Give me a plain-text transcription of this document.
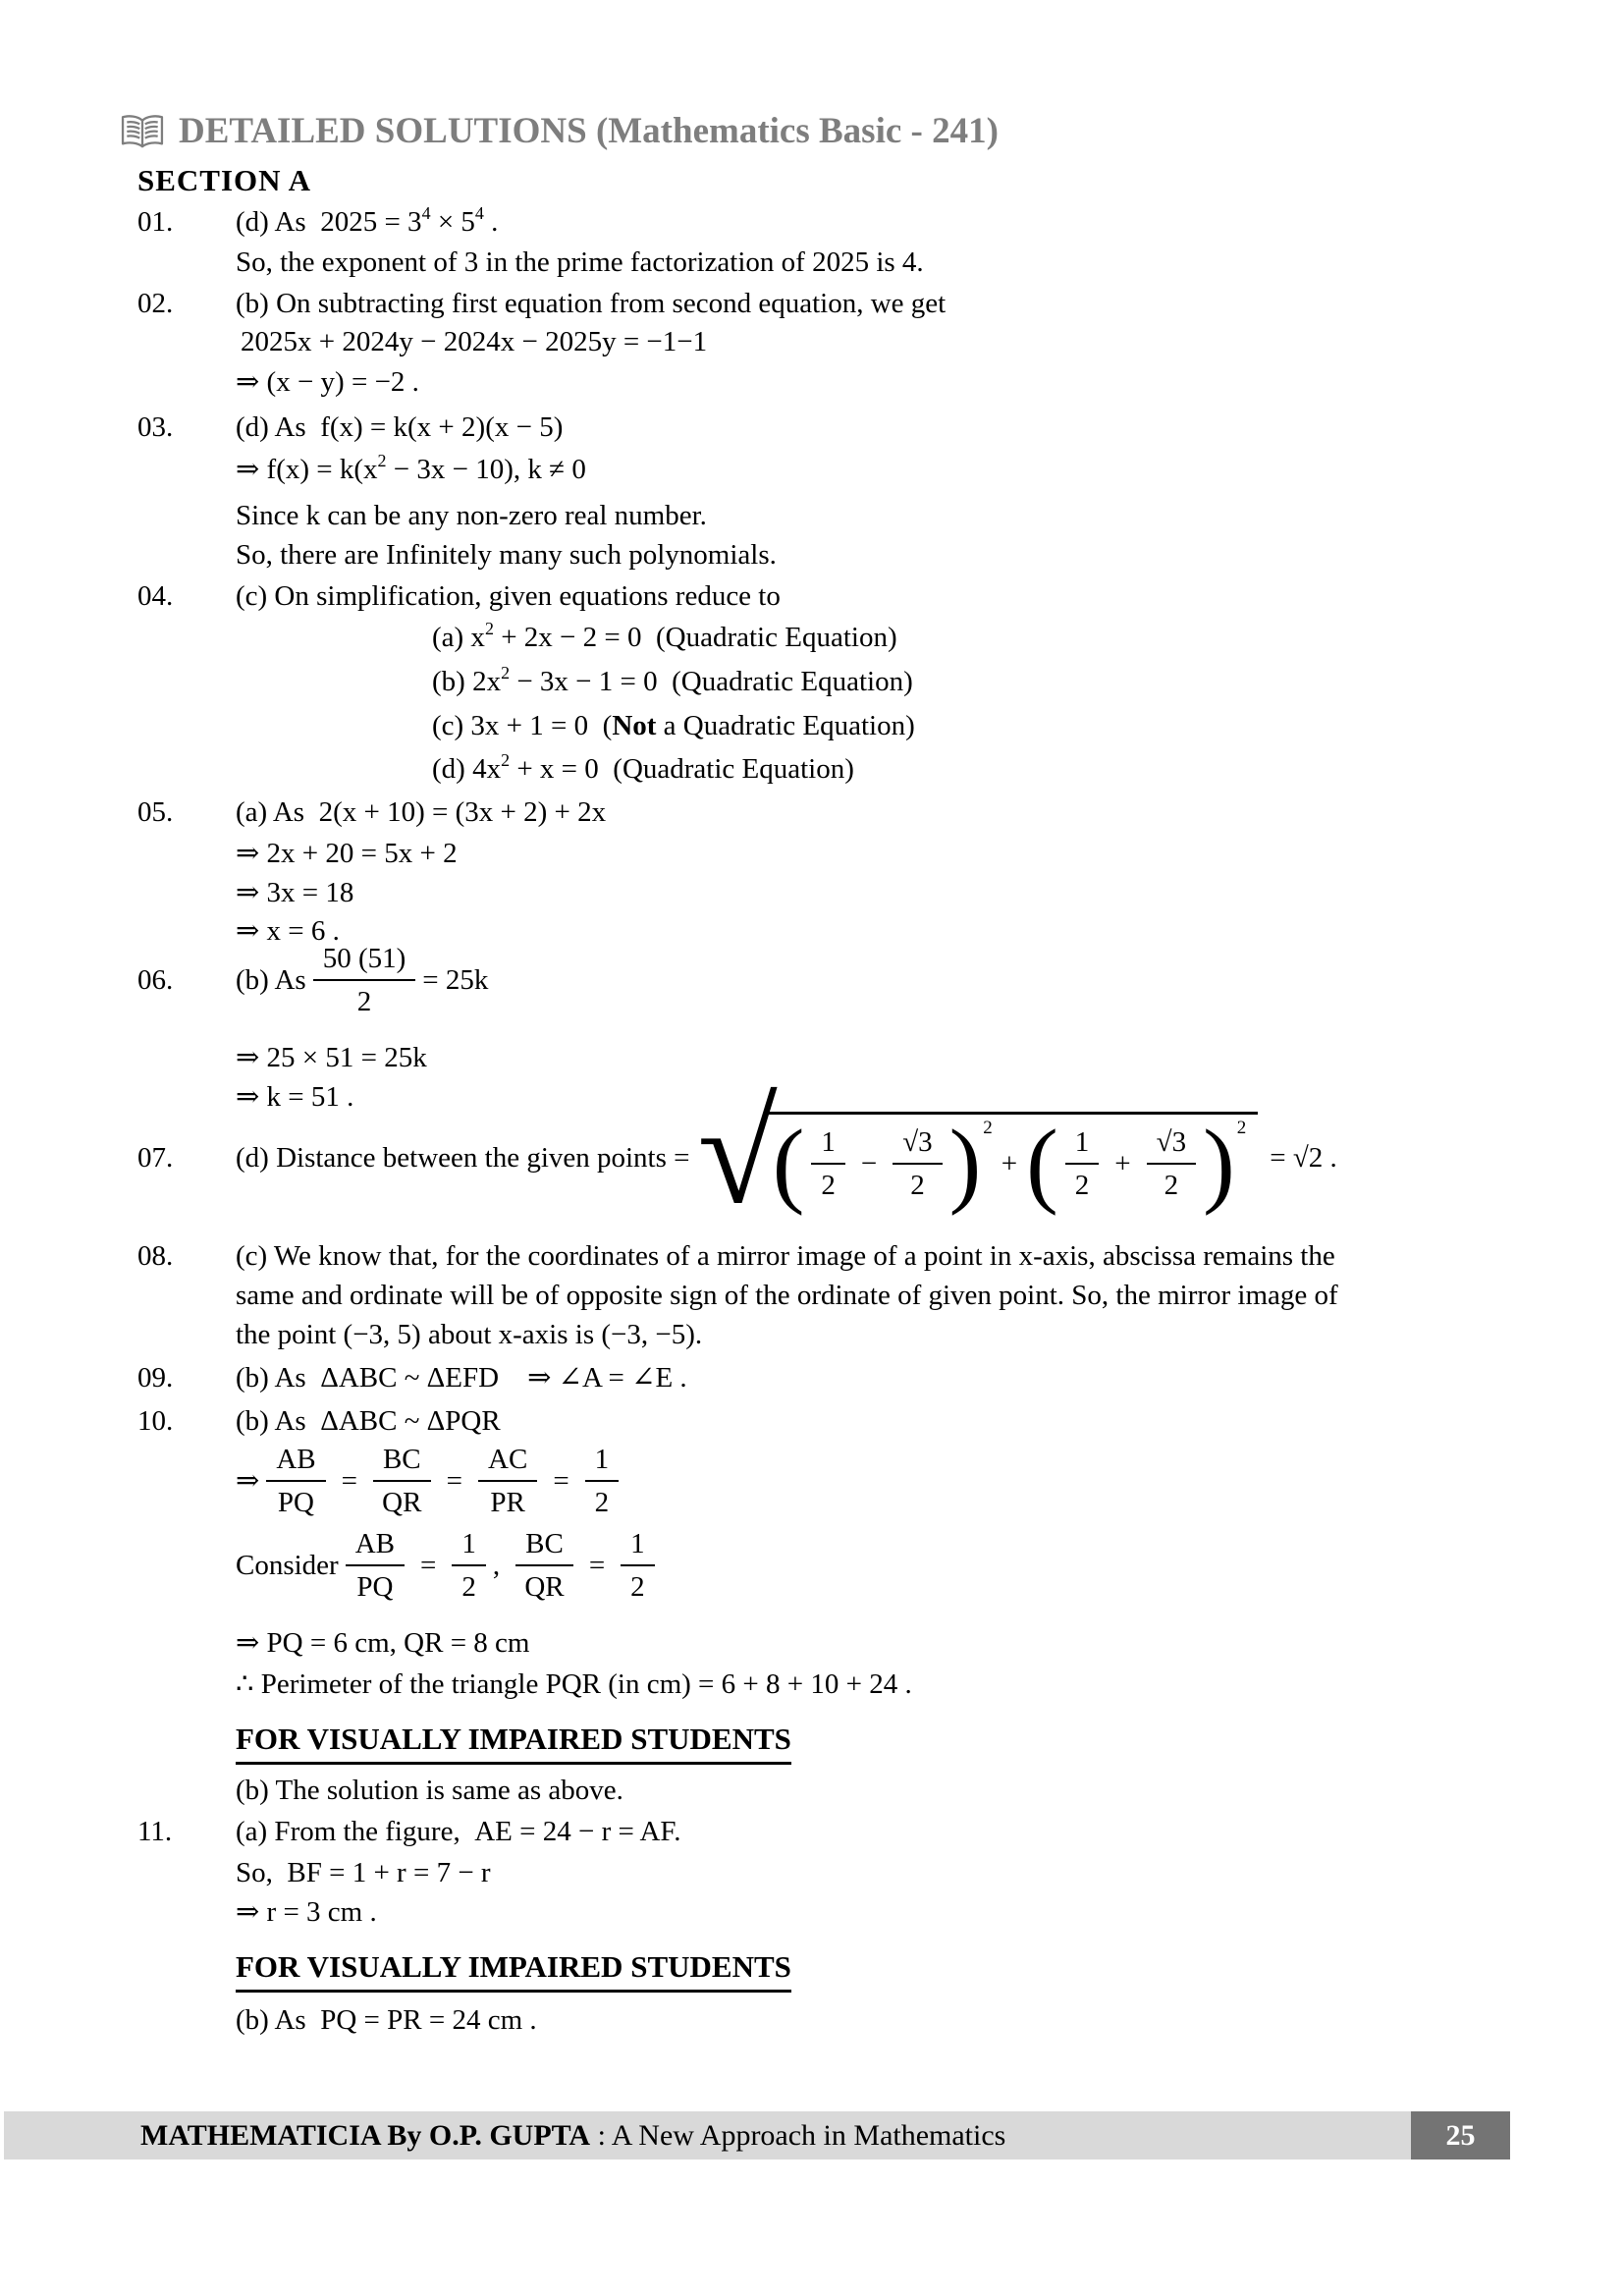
DETAILED SOLUTIONS (Mathematics Basic - 241)
SECTION A
01. (d) As $2025 = 3^4 \times 5^4$ .
So, the exponent of 3 in the prime factorization of 2025 is 4.
02. (b) On subtracting first equation from second equation, we get
2025x + 2024y − 2024x − 2025y = −1−1
⇒ (x − y) = −2 .
03. (d) As f(x) = k(x + 2)(x − 5)
⇒ $f(x) = k(x^2 - 3x - 10)$, k ≠ 0
Since k can be any non-zero real number.
So, there are Infinitely many such polynomials.
04. (c) On simplification, given equations reduce to
(a) $x^2 + 2x - 2 = 0$ (Quadratic Equation)
(b) $2x^2 - 3x - 1 = 0$ (Quadratic Equation)
(c) 3x + 1 = 0 (Not a Quadratic Equation)
(d) $4x^2 + x = 0$ (Quadratic Equation)
05. (a) As 2(x + 10) = (3x + 2) + 2x
⇒ 2x + 20 = 5x + 2
⇒ 3x = 18
⇒ x = 6 .
06. (b) As $\frac{50 (51)}{2} = 25k$
⇒ 25 × 51 = 25k
⇒ k = 51 .
07. (d) Distance between the given points = √
( $\frac{1}{2} - \frac{√3}{2}$ ) 2
+ ( $\frac{1}{2} + \frac{√3}{2}$ ) 2
= √2 .
08. (c) We know that, for the coordinates of a mirror image of a point in x-axis, abscissa remains the
same and ordinate will be of opposite sign of the ordinate of given point. So, the mirror image of
the point (−3, 5) about x-axis is (−3, −5).
09. (b) As ΔABC ~ ΔEFD ⇒ ∠A = ∠E .
10. (b) As ΔABC ~ ΔPQR
⇒ $\frac{AB}{PQ} = \frac{BC}{QR} = \frac{AC}{PR} = \frac{1}{2}$
Consider $\frac{AB}{PQ} = \frac{1}{2}$ , $\frac{BC}{QR} = \frac{1}{2}$
⇒ PQ = 6 cm, QR = 8 cm
∴ Perimeter of the triangle PQR (in cm) = 6 + 8 + 10 + 24 .
FOR VISUALLY IMPAIRED STUDENTS
(b) The solution is same as above.
11. (a) From the figure, AE = 24 − r = AF.
So, BF = 1 + r = 7 − r
⇒ r = 3 cm .
FOR VISUALLY IMPAIRED STUDENTS
(b) As PQ = PR = 24 cm .
MATHEMATICIA By O.P. GUPTA : A New Approach in Mathematics	25
